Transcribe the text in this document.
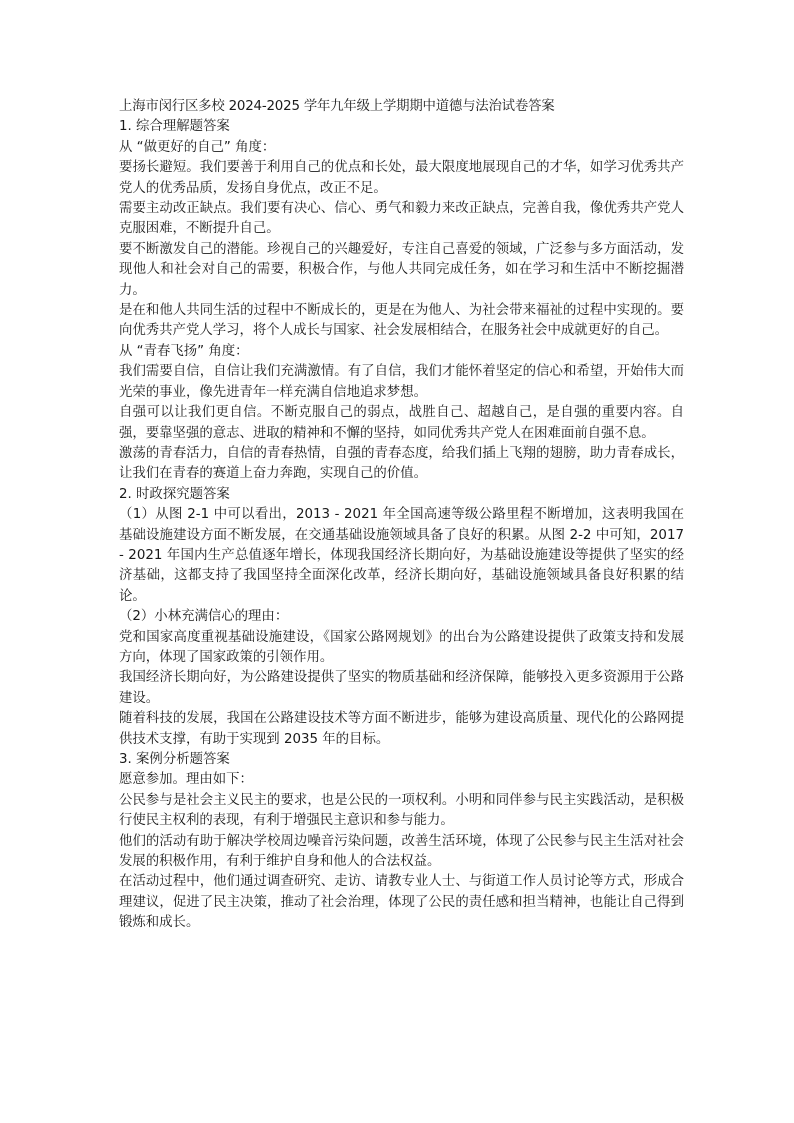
上海市闵行区多校 2024-2025 学年九年级上学期期中道德与法治试卷答案

1. 综合理解题答案

从 “做更好的自己” 角度：

要扬长避短。我们要善于利用自己的优点和长处，最大限度地展现自己的才华，如学习优秀共产党人的优秀品质，发扬自身优点，改正不足。

需要主动改正缺点。我们要有决心、信心、勇气和毅力来改正缺点，完善自我，像优秀共产党人克服困难，不断提升自己。

要不断激发自己的潜能。珍视自己的兴趣爱好，专注自己喜爱的领域，广泛参与多方面活动，发现他人和社会对自己的需要，积极合作，与他人共同完成任务，如在学习和生活中不断挖掘潜力。

是在和他人共同生活的过程中不断成长的，更是在为他人、为社会带来福祉的过程中实现的。要向优秀共产党人学习，将个人成长与国家、社会发展相结合，在服务社会中成就更好的自己。

从 “青春飞扬” 角度：

我们需要自信，自信让我们充满激情。有了自信，我们才能怀着坚定的信心和希望，开始伟大而光荣的事业，像先进青年一样充满自信地追求梦想。

自强可以让我们更自信。不断克服自己的弱点，战胜自己、超越自己，是自强的重要内容。自强，要靠坚强的意志、进取的精神和不懈的坚持，如同优秀共产党人在困难面前自强不息。

激荡的青春活力，自信的青春热情，自强的青春态度，给我们插上飞翔的翅膀，助力青春成长，让我们在青春的赛道上奋力奔跑，实现自己的价值。

2. 时政探究题答案

（1）从图 2-1 中可以看出，2013 - 2021 年全国高速等级公路里程不断增加，这表明我国在基础设施建设方面不断发展，在交通基础设施领域具备了良好的积累。从图 2-2 中可知，2017 - 2021 年国内生产总值逐年增长，体现我国经济长期向好，为基础设施建设等提供了坚实的经济基础，这都支持了我国坚持全面深化改革，经济长期向好，基础设施领域具备良好积累的结论。

（2）小林充满信心的理由：

党和国家高度重视基础设施建设，《国家公路网规划》的出台为公路建设提供了政策支持和发展方向，体现了国家政策的引领作用。

我国经济长期向好，为公路建设提供了坚实的物质基础和经济保障，能够投入更多资源用于公路建设。

随着科技的发展，我国在公路建设技术等方面不断进步，能够为建设高质量、现代化的公路网提供技术支撑，有助于实现到 2035 年的目标。

3. 案例分析题答案

愿意参加。理由如下：

公民参与是社会主义民主的要求，也是公民的一项权利。小明和同伴参与民主实践活动，是积极行使民主权利的表现，有利于增强民主意识和参与能力。

他们的活动有助于解决学校周边噪音污染问题，改善生活环境，体现了公民参与民主生活对社会发展的积极作用，有利于维护自身和他人的合法权益。

在活动过程中，他们通过调查研究、走访、请教专业人士、与街道工作人员讨论等方式，形成合理建议，促进了民主决策，推动了社会治理，体现了公民的责任感和担当精神，也能让自己得到锻炼和成长。
